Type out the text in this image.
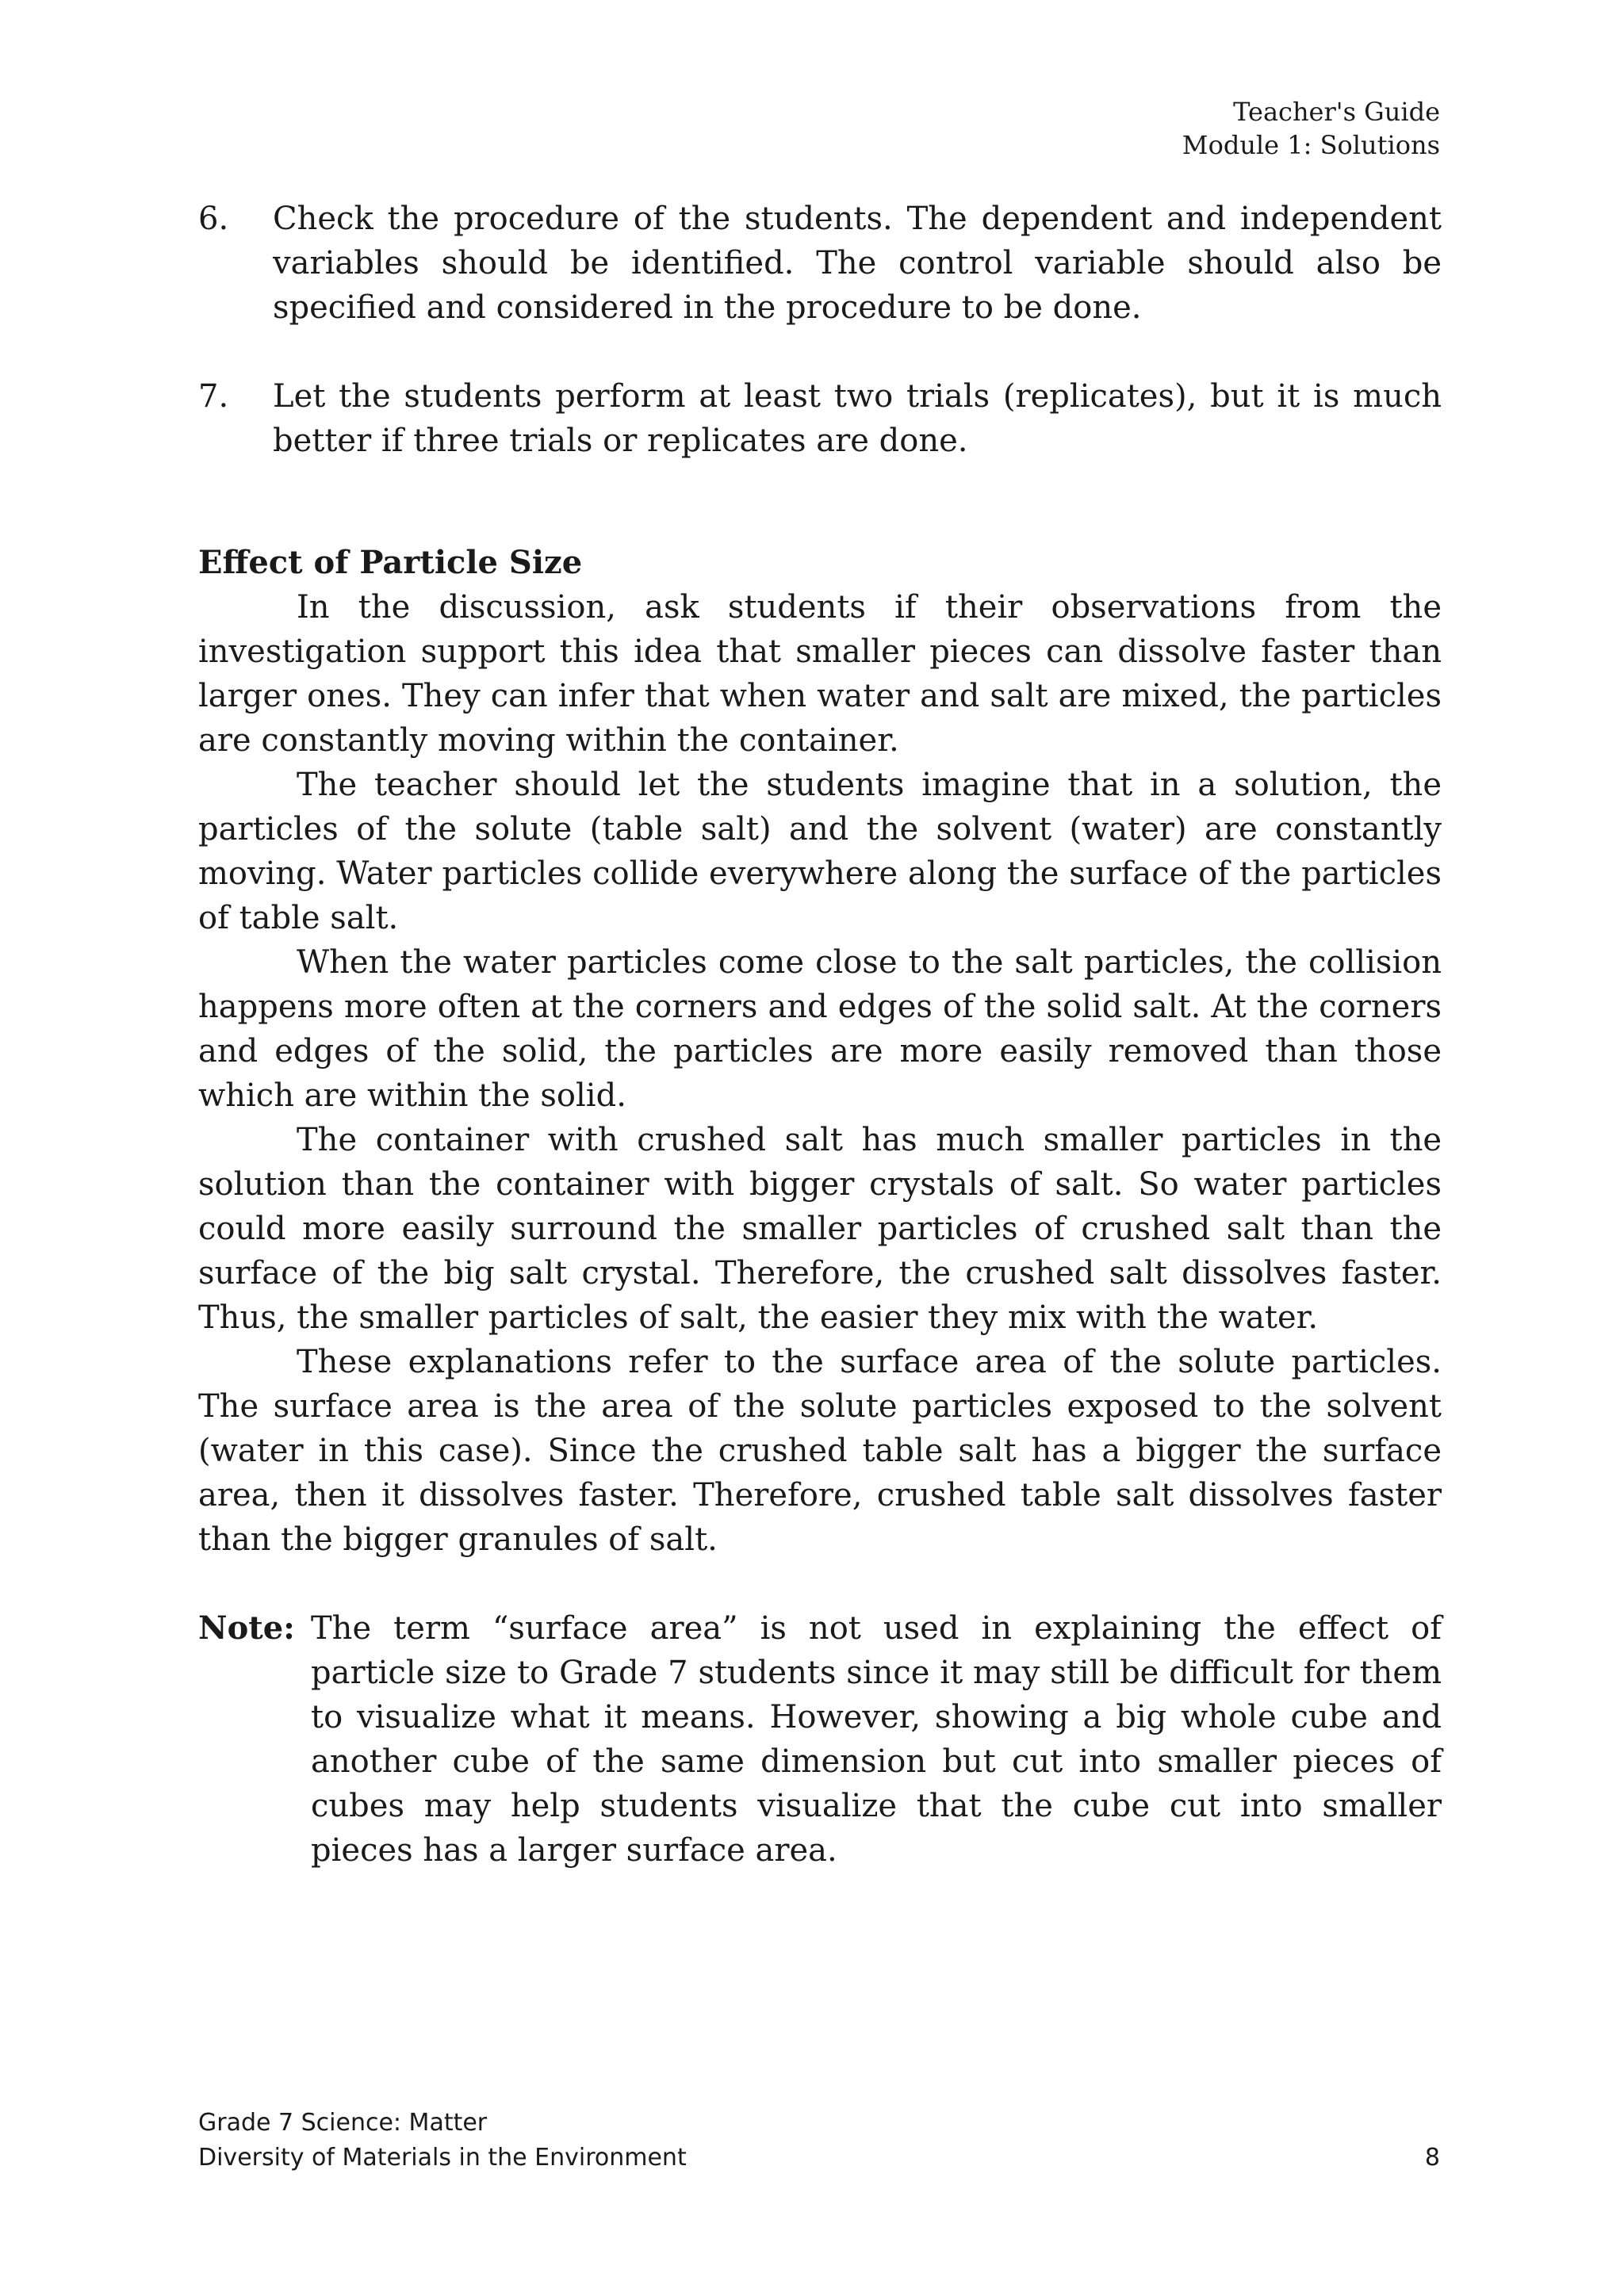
Teacher's Guide
Module 1: Solutions
6.	Check the procedure of the students. The dependent and independent variables should be identified. The control variable should also be specified and considered in the procedure to be done.
7.	Let the students perform at least two trials (replicates), but it is much better if three trials or replicates are done.
Effect of Particle Size

In the discussion, ask students if their observations from the investigation support this idea that smaller pieces can dissolve faster than larger ones. They can infer that when water and salt are mixed, the particles are constantly moving within the container.

The teacher should let the students imagine that in a solution, the particles of the solute (table salt) and the solvent (water) are constantly moving. Water particles collide everywhere along the surface of the particles of table salt.

When the water particles come close to the salt particles, the collision happens more often at the corners and edges of the solid salt. At the corners and edges of the solid, the particles are more easily removed than those which are within the solid.

The container with crushed salt has much smaller particles in the solution than the container with bigger crystals of salt. So water particles could more easily surround the smaller particles of crushed salt than the surface of the big salt crystal. Therefore, the crushed salt dissolves faster. Thus, the smaller particles of salt, the easier they mix with the water.

These explanations refer to the surface area of the solute particles. The surface area is the area of the solute particles exposed to the solvent (water in this case). Since the crushed table salt has a bigger the surface area, then it dissolves faster. Therefore, crushed table salt dissolves faster than the bigger granules of salt.

Note: The term “surface area” is not used in explaining the effect of particle size to Grade 7 students since it may still be difficult for them to visualize what it means. However, showing a big whole cube and another cube of the same dimension but cut into smaller pieces of cubes may help students visualize that the cube cut into smaller pieces has a larger surface area.
Grade 7 Science: Matter
Diversity of Materials in the Environment	8
